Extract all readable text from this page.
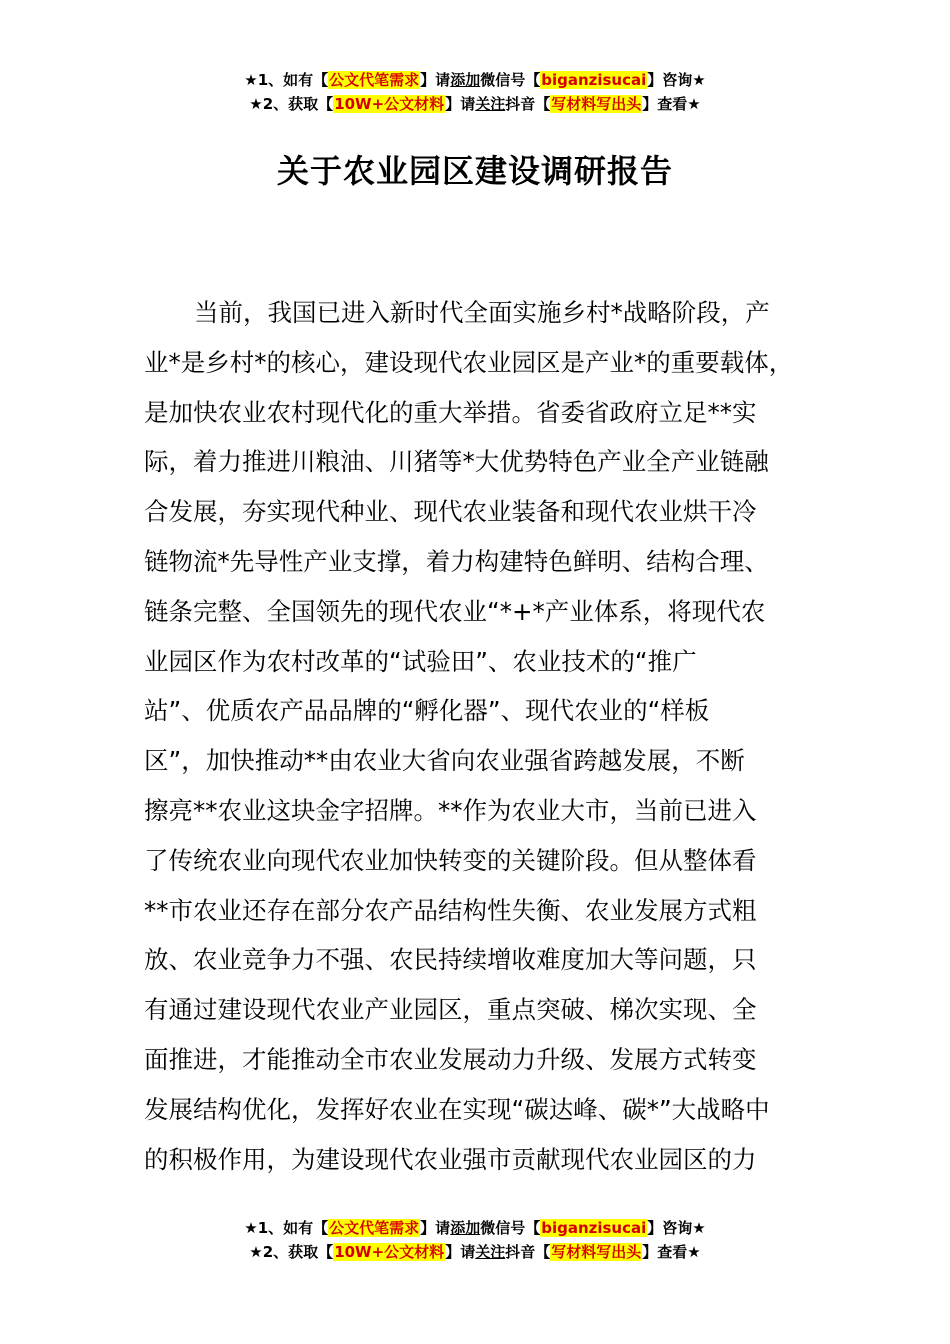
★1、如有【公文代笔需求】请添加微信号【biganzisucai】咨询★
★2、获取【10W+公文材料】请关注抖音【写材料写出头】查看★
关于农业园区建设调研报告
当前，我国已进入新时代全面实施乡村*战略阶段，产
业*是乡村*的核心，建设现代农业园区是产业*的重要载体，
是加快农业农村现代化的重大举措。省委省政府立足**实
际，着力推进川粮油、川猪等*大优势特色产业全产业链融
合发展，夯实现代种业、现代农业装备和现代农业烘干冷
链物流*先导性产业支撑，着力构建特色鲜明、结构合理、
链条完整、全国领先的现代农业“*+*产业体系，将现代农
业园区作为农村改革的“试验田”、农业技术的“推广
站”、优质农产品品牌的“孵化器”、现代农业的“样板
区”，加快推动**由农业大省向农业强省跨越发展，不断
擦亮**农业这块金字招牌。**作为农业大市，当前已进入
了传统农业向现代农业加快转变的关键阶段。但从整体看
**市农业还存在部分农产品结构性失衡、农业发展方式粗
放、农业竞争力不强、农民持续增收难度加大等问题，只
有通过建设现代农业产业园区，重点突破、梯次实现、全
面推进，才能推动全市农业发展动力升级、发展方式转变
发展结构优化，发挥好农业在实现“碳达峰、碳*”大战略中
的积极作用，为建设现代农业强市贡献现代农业园区的力
★1、如有【公文代笔需求】请添加微信号【biganzisucai】咨询★
★2、获取【10W+公文材料】请关注抖音【写材料写出头】查看★
